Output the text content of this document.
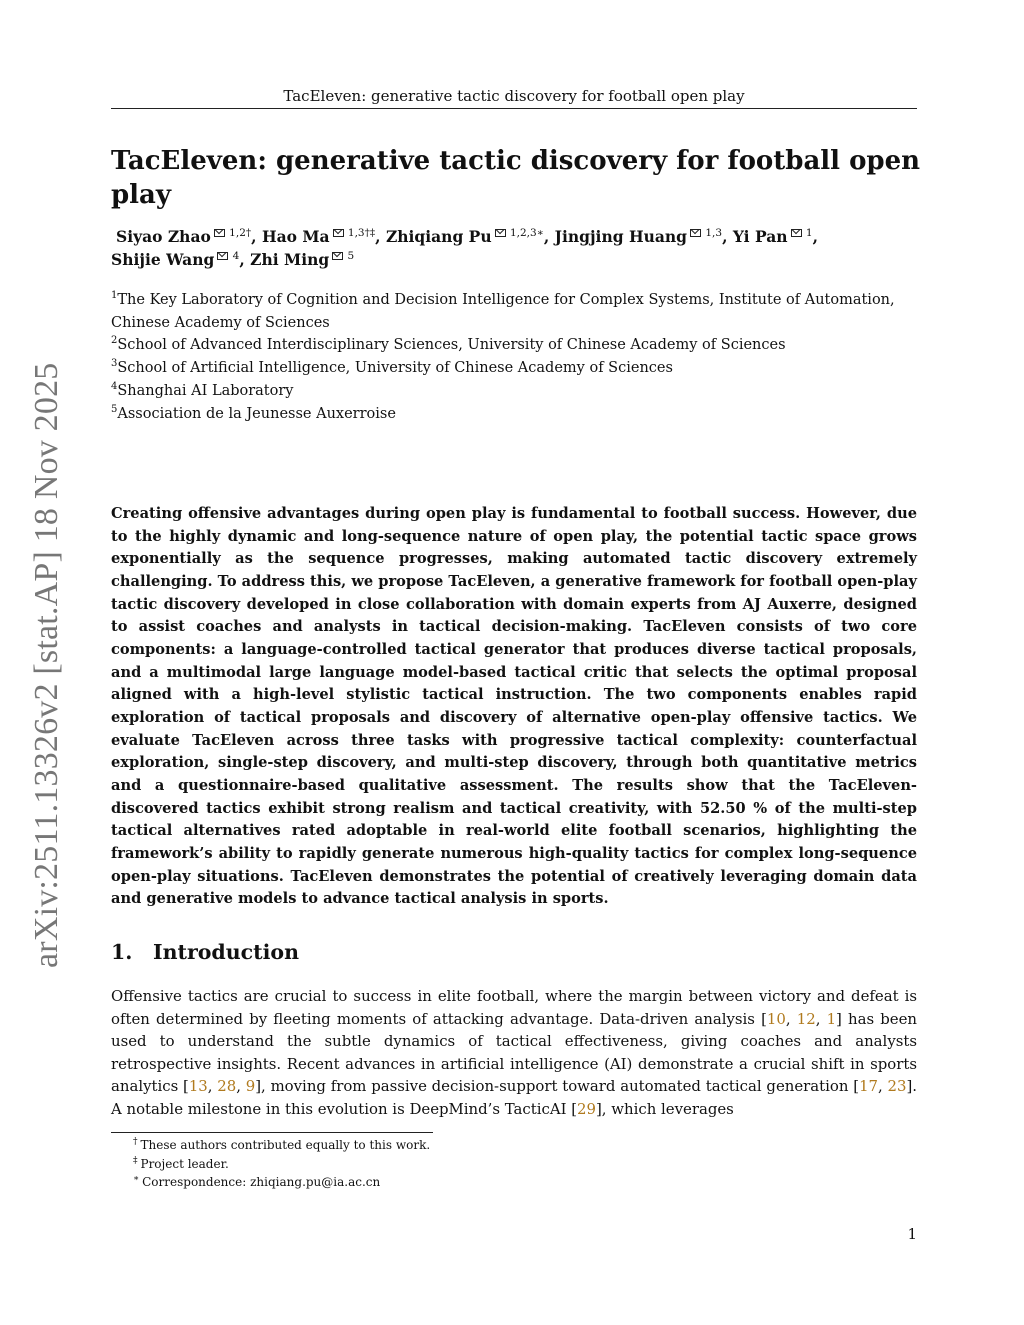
TacEleven: generative tactic discovery for football open play
arXiv:2511.13326v2 [stat.AP] 18 Nov 2025
TacEleven: generative tactic discovery for football open play
Siyao Zhao $^{1,2\dagger}$, Hao Ma $^{1,3\dagger\ddagger}$, Zhiqiang Pu $^{1,2,3∗}$, Jingjing Huang $^{1,3}$, Yi Pan $^1$,
Shijie Wang $^4$, Zhi Ming $^5$
$^1$The Key Laboratory of Cognition and Decision Intelligence for Complex Systems, Institute of Automation, Chinese Academy of Sciences
$^2$School of Advanced Interdisciplinary Sciences, University of Chinese Academy of Sciences
$^3$School of Artificial Intelligence, University of Chinese Academy of Sciences
$^4$Shanghai AI Laboratory
$^5$Association de la Jeunesse Auxerroise

Creating offensive advantages during open play is fundamental to football success. However, due to the highly dynamic and long-sequence nature of open play, the potential tactic space grows exponentially as the sequence progresses, making automated tactic discovery extremely challenging. To address this, we propose TacEleven, a generative framework for football open-play tactic discovery developed in close collaboration with domain experts from AJ Auxerre, designed to assist coaches and analysts in tactical decision-making. TacEleven consists of two core components: a language-controlled tactical generator that produces diverse tactical proposals, and a multimodal large language model-based tactical critic that selects the optimal proposal aligned with a high-level stylistic tactical instruction. The two components enables rapid exploration of tactical proposals and discovery of alternative open-play offensive tactics. We evaluate TacEleven across three tasks with progressive tactical complexity: counterfactual exploration, single-step discovery, and multi-step discovery, through both quantitative metrics and a questionnaire-based qualitative assessment. The results show that the TacEleven-discovered tactics exhibit strong realism and tactical creativity, with 52.50 % of the multi-step tactical alternatives rated adoptable in real-world elite football scenarios, highlighting the framework’s ability to rapidly generate numerous high-quality tactics for complex long-sequence open-play situations. TacEleven demonstrates the potential of creatively leveraging domain data and generative models to advance tactical analysis in sports.

1. Introduction

Offensive tactics are crucial to success in elite football, where the margin between victory and defeat is often determined by fleeting moments of attacking advantage. Data-driven analysis [10, 12, 1] has been used to understand the subtle dynamics of tactical effectiveness, giving coaches and analysts retrospective insights. Recent advances in artificial intelligence (AI) demonstrate a crucial shift in sports analytics [13, 28, 9], moving from passive decision-support toward automated tactical generation [17, 23]. A notable milestone in this evolution is DeepMind’s TacticAI [29], which leverages

† These authors contributed equally to this work.
‡ Project leader.
∗ Correspondence: zhiqiang.pu@ia.ac.cn
1
